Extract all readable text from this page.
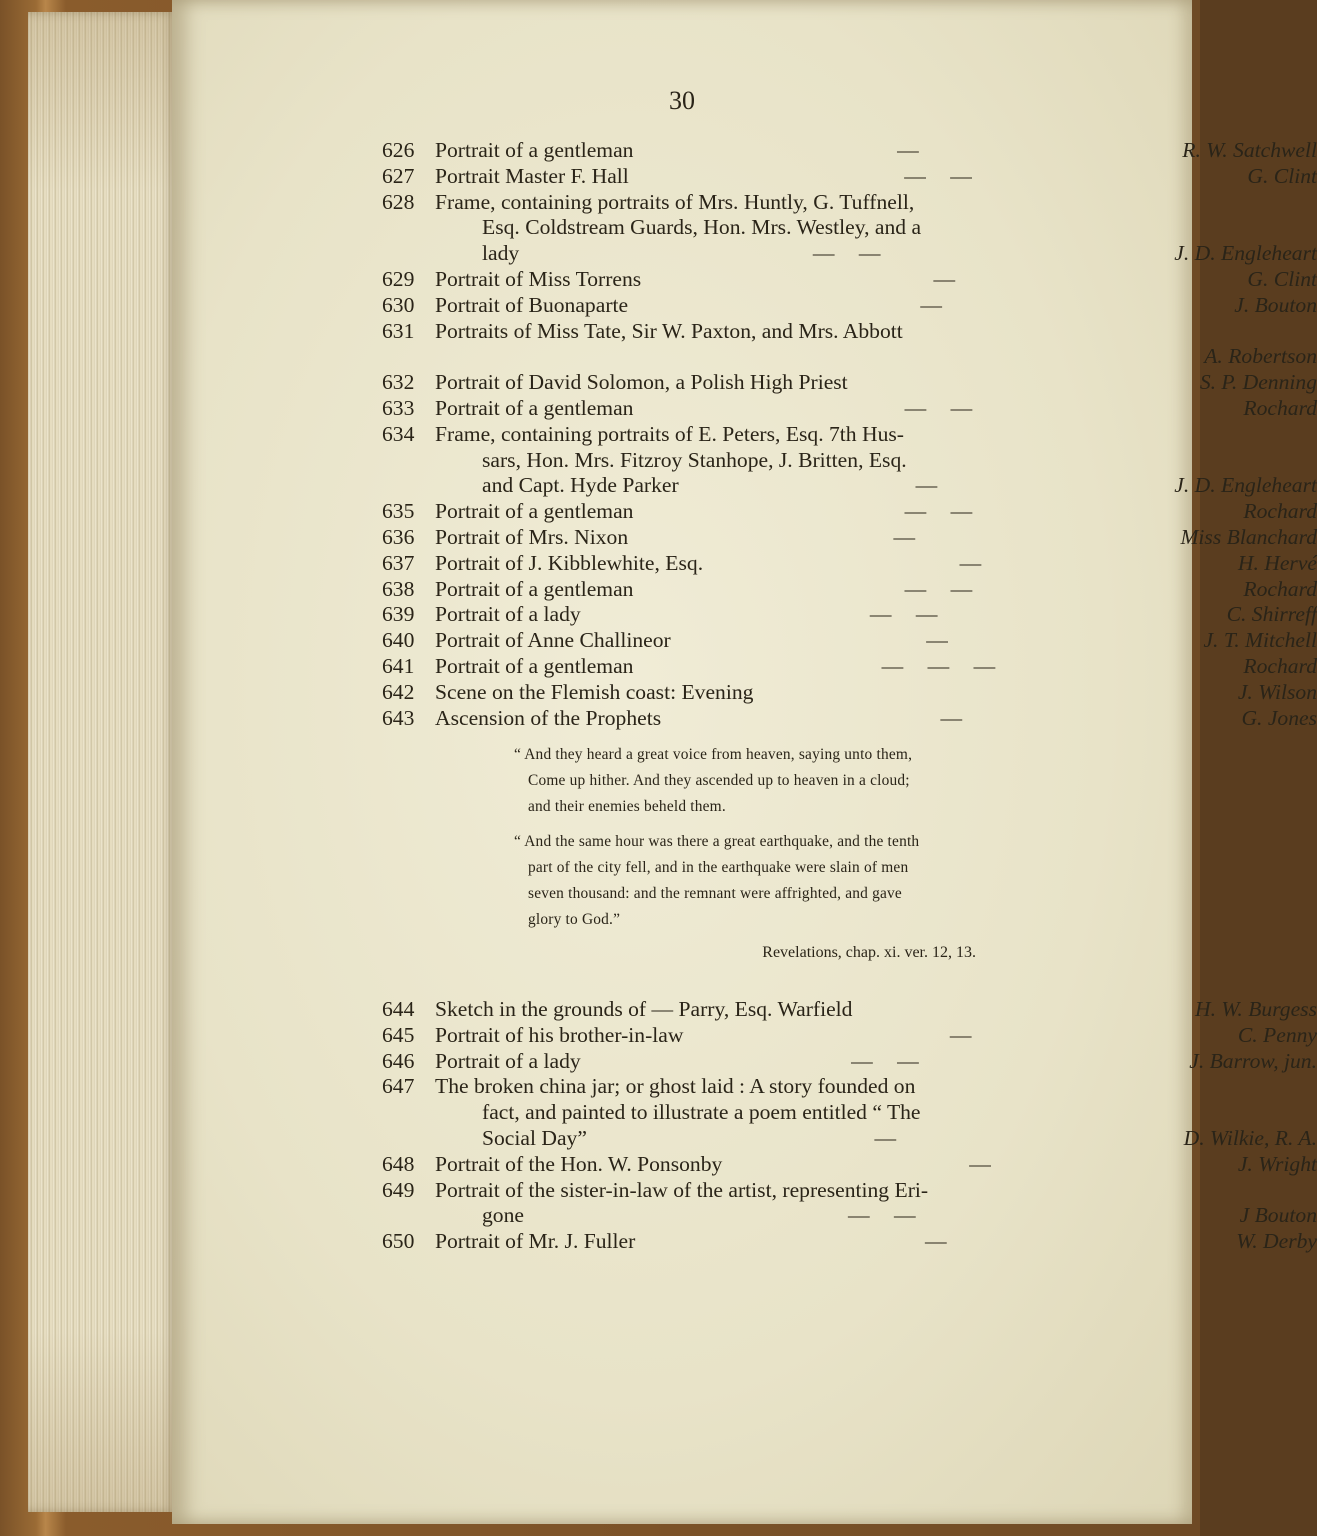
30
626 Portrait of a gentleman	—	R. W. Satchwell
627 Portrait Master F. Hall	— —	G. Clint
628 Frame, containing portraits of Mrs. Huntly, G. Tuffnell,
Esq. Coldstream Guards, Hon. Mrs. Westley, and a
lady	— —	J. D. Engleheart
629 Portrait of Miss Torrens	—	G. Clint
630 Portrait of Buonaparte	—	J. Bouton
631 Portraits of Miss Tate, Sir W. Paxton, and Mrs. Abbott
A. Robertson
632 Portrait of David Solomon, a Polish High Priest	S. P. Denning
633 Portrait of a gentleman	— —	Rochard
634 Frame, containing portraits of E. Peters, Esq. 7th Hus-
sars, Hon. Mrs. Fitzroy Stanhope, J. Britten, Esq.
and Capt. Hyde Parker	—	J. D. Engleheart
635 Portrait of a gentleman	— —	Rochard
636 Portrait of Mrs. Nixon	—	Miss Blanchard
637 Portrait of J. Kibblewhite, Esq.	—	H. Hervé
638 Portrait of a gentleman	— —	Rochard
639 Portrait of a lady	— —	C. Shirreff
640 Portrait of Anne Challineor	—	J. T. Mitchell
641 Portrait of a gentleman	— — —	Rochard
642 Scene on the Flemish coast: Evening	J. Wilson
643 Ascension of the Prophets	—	G. Jones

“ And they heard a great voice from heaven, saying unto them,
Come up hither. And they ascended up to heaven in a cloud;
and their enemies beheld them.

“ And the same hour was there a great earthquake, and the tenth
part of the city fell, and in the earthquake were slain of men
seven thousand: and the remnant were affrighted, and gave
glory to God.”

Revelations, chap. xi. ver. 12, 13.
644 Sketch in the grounds of — Parry, Esq. Warfield	H. W. Burgess
645 Portrait of his brother-in-law	—	C. Penny
646 Portrait of a lady	— —	J. Barrow, jun.
647 The broken china jar; or ghost laid : A story founded on
fact, and painted to illustrate a poem entitled “ The
Social Day”	—	D. Wilkie, R. A.
648 Portrait of the Hon. W. Ponsonby	—	J. Wright
649 Portrait of the sister-in-law of the artist, representing Eri-
gone	— —	J Bouton
650 Portrait of Mr. J. Fuller	—	W. Derby
